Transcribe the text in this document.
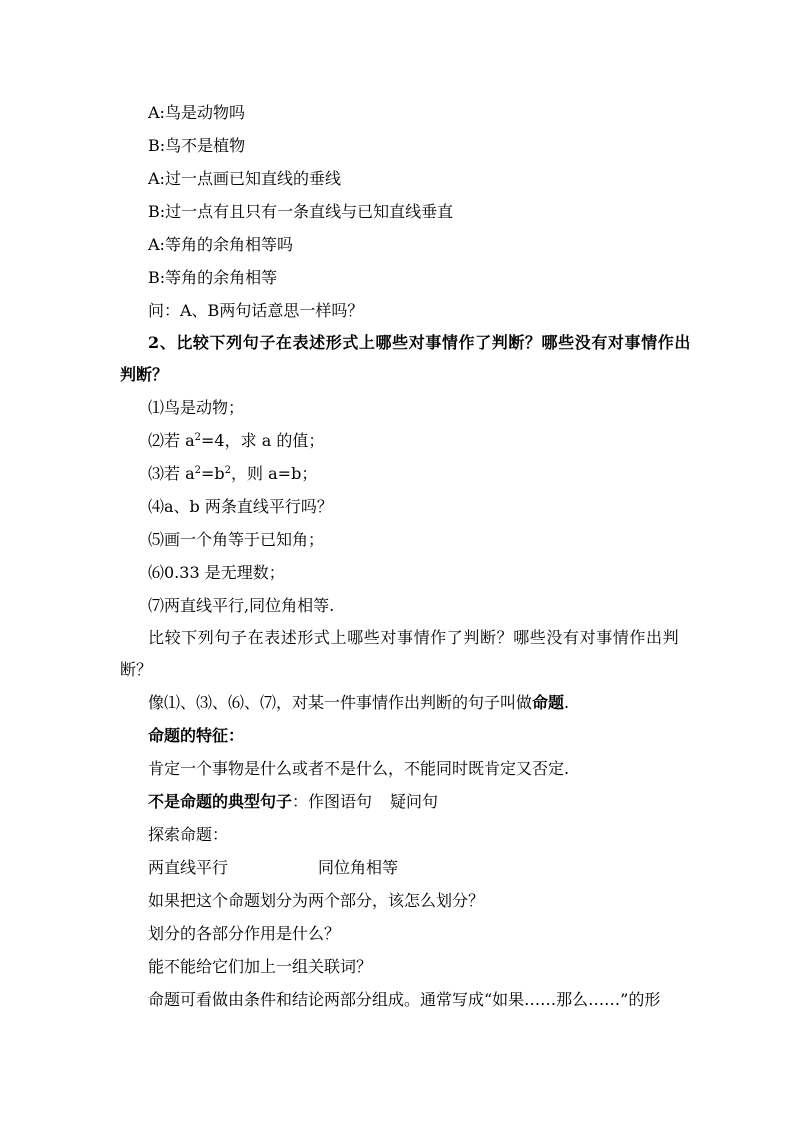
A:鸟是动物吗
B:鸟不是植物
A:过一点画已知直线的垂线
B:过一点有且只有一条直线与已知直线垂直
A:等角的余角相等吗
B:等角的余角相等
问：A、B两句话意思一样吗？
2、比较下列句子在表述形式上哪些对事情作了判断？哪些没有对事情作出
判断？
⑴鸟是动物；
⑵若 $a^2=4$，求 a 的值；
⑶若 $a^2=b^2$，则 a=b；
⑷a、b 两条直线平行吗？
⑸画一个角等于已知角；
⑹0.33 是无理数；
⑺两直线平行,同位角相等.
比较下列句子在表述形式上哪些对事情作了判断？哪些没有对事情作出判
断？
像⑴、⑶、⑹、⑺，对某一件事情作出判断的句子叫做命题.
命题的特征：
肯定一个事物是什么或者不是什么，不能同时既肯定又否定.
不是命题的典型句子：作图语句 疑问句
探索命题：
两直线平行	同位角相等
如果把这个命题划分为两个部分，该怎么划分？
划分的各部分作用是什么？
能不能给它们加上一组关联词？
命题可看做由条件和结论两部分组成。通常写成“如果……那么……”的形
